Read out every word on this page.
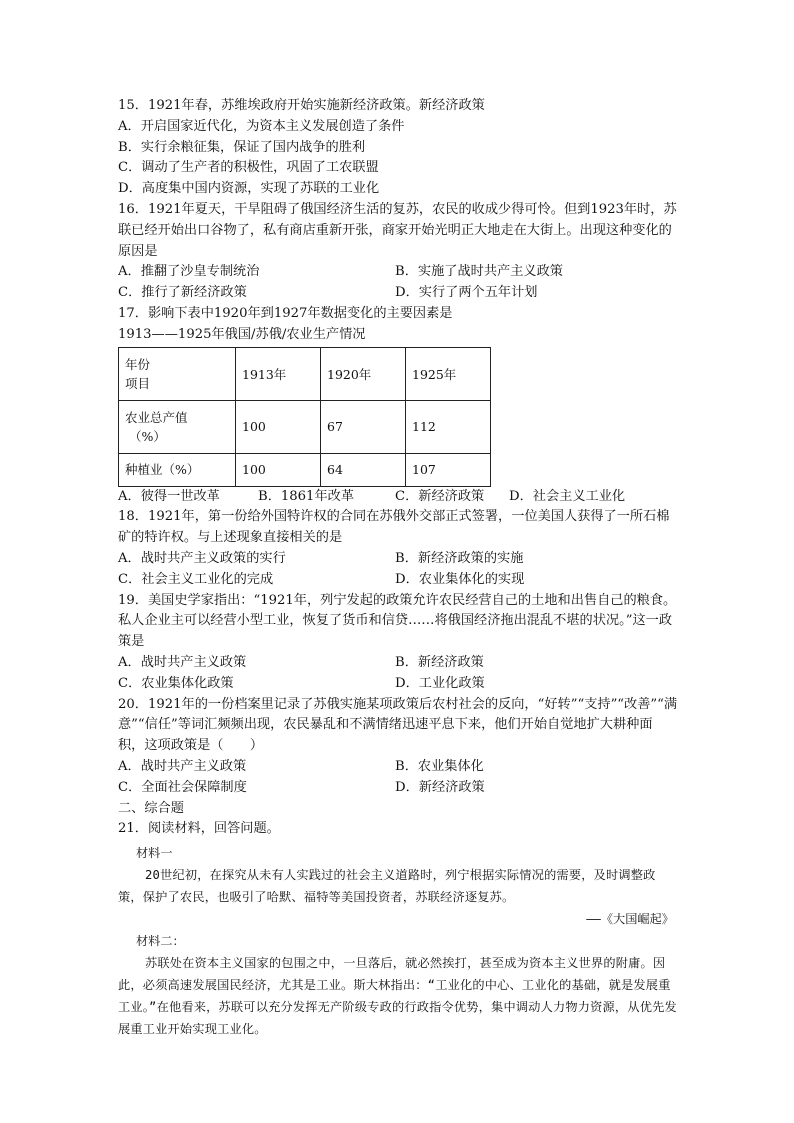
15．1921年春，苏维埃政府开始实施新经济政策。新经济政策
A．开启国家近代化，为资本主义发展创造了条件
B．实行余粮征集，保证了国内战争的胜利
C．调动了生产者的积极性，巩固了工农联盟
D．高度集中国内资源，实现了苏联的工业化
16．1921年夏天，干旱阻碍了俄国经济生活的复苏，农民的收成少得可怜。但到1923年时，苏联已经开始出口谷物了，私有商店重新开张，商家开始光明正大地走在大街上。出现这种变化的原因是
A．推翻了沙皇专制统治	B．实施了战时共产主义政策
C．推行了新经济政策	D．实行了两个五年计划
17．影响下表中1920年到1927年数据变化的主要因素是
1913——1925年俄国/苏俄/农业生产情况
年份
项目	1913年	1920年	1925年

农业总产值
（%）	100	67	112

种植业（%）	100	64	107
A．彼得一世改革	B．1861年改革	C．新经济政策	D．社会主义工业化
18．1921年，第一份给外国特许权的合同在苏俄外交部正式签署，一位美国人获得了一所石棉矿的特许权。与上述现象直接相关的是
A．战时共产主义政策的实行	B．新经济政策的实施
C．社会主义工业化的完成	D．农业集体化的实现
19．美国史学家指出：“1921年，列宁发起的政策允许农民经营自己的土地和出售自己的粮食。私人企业主可以经营小型工业，恢复了货币和信贷……将俄国经济拖出混乱不堪的状况。”这一政策是
A．战时共产主义政策	B．新经济政策
C．农业集体化政策	D．工业化政策
20．1921年的一份档案里记录了苏俄实施某项政策后农村社会的反向，“好转”“支持”“改善”“满意”“信任”等词汇频频出现，农民暴乱和不满情绪迅速平息下来，他们开始自觉地扩大耕种面积，这项政策是（　　）
A．战时共产主义政策	B．农业集体化
C．全面社会保障制度	D．新经济政策
二、综合题
21．阅读材料，回答问题。
材料一
20世纪初，在探究从未有人实践过的社会主义道路时，列宁根据实际情况的需要，及时调整政策，保护了农民，也吸引了哈默、福特等美国投资者，苏联经济逐复苏。
——《大国崛起》
材料二：
苏联处在资本主义国家的包围之中，一旦落后，就必然挨打，甚至成为资本主义世界的附庸。因此，必须高速发展国民经济，尤其是工业。斯大林指出：“工业化的中心、工业化的基础，就是发展重工业。”在他看来，苏联可以充分发挥无产阶级专政的行政指令优势，集中调动人力物力资源，从优先发展重工业开始实现工业化。
